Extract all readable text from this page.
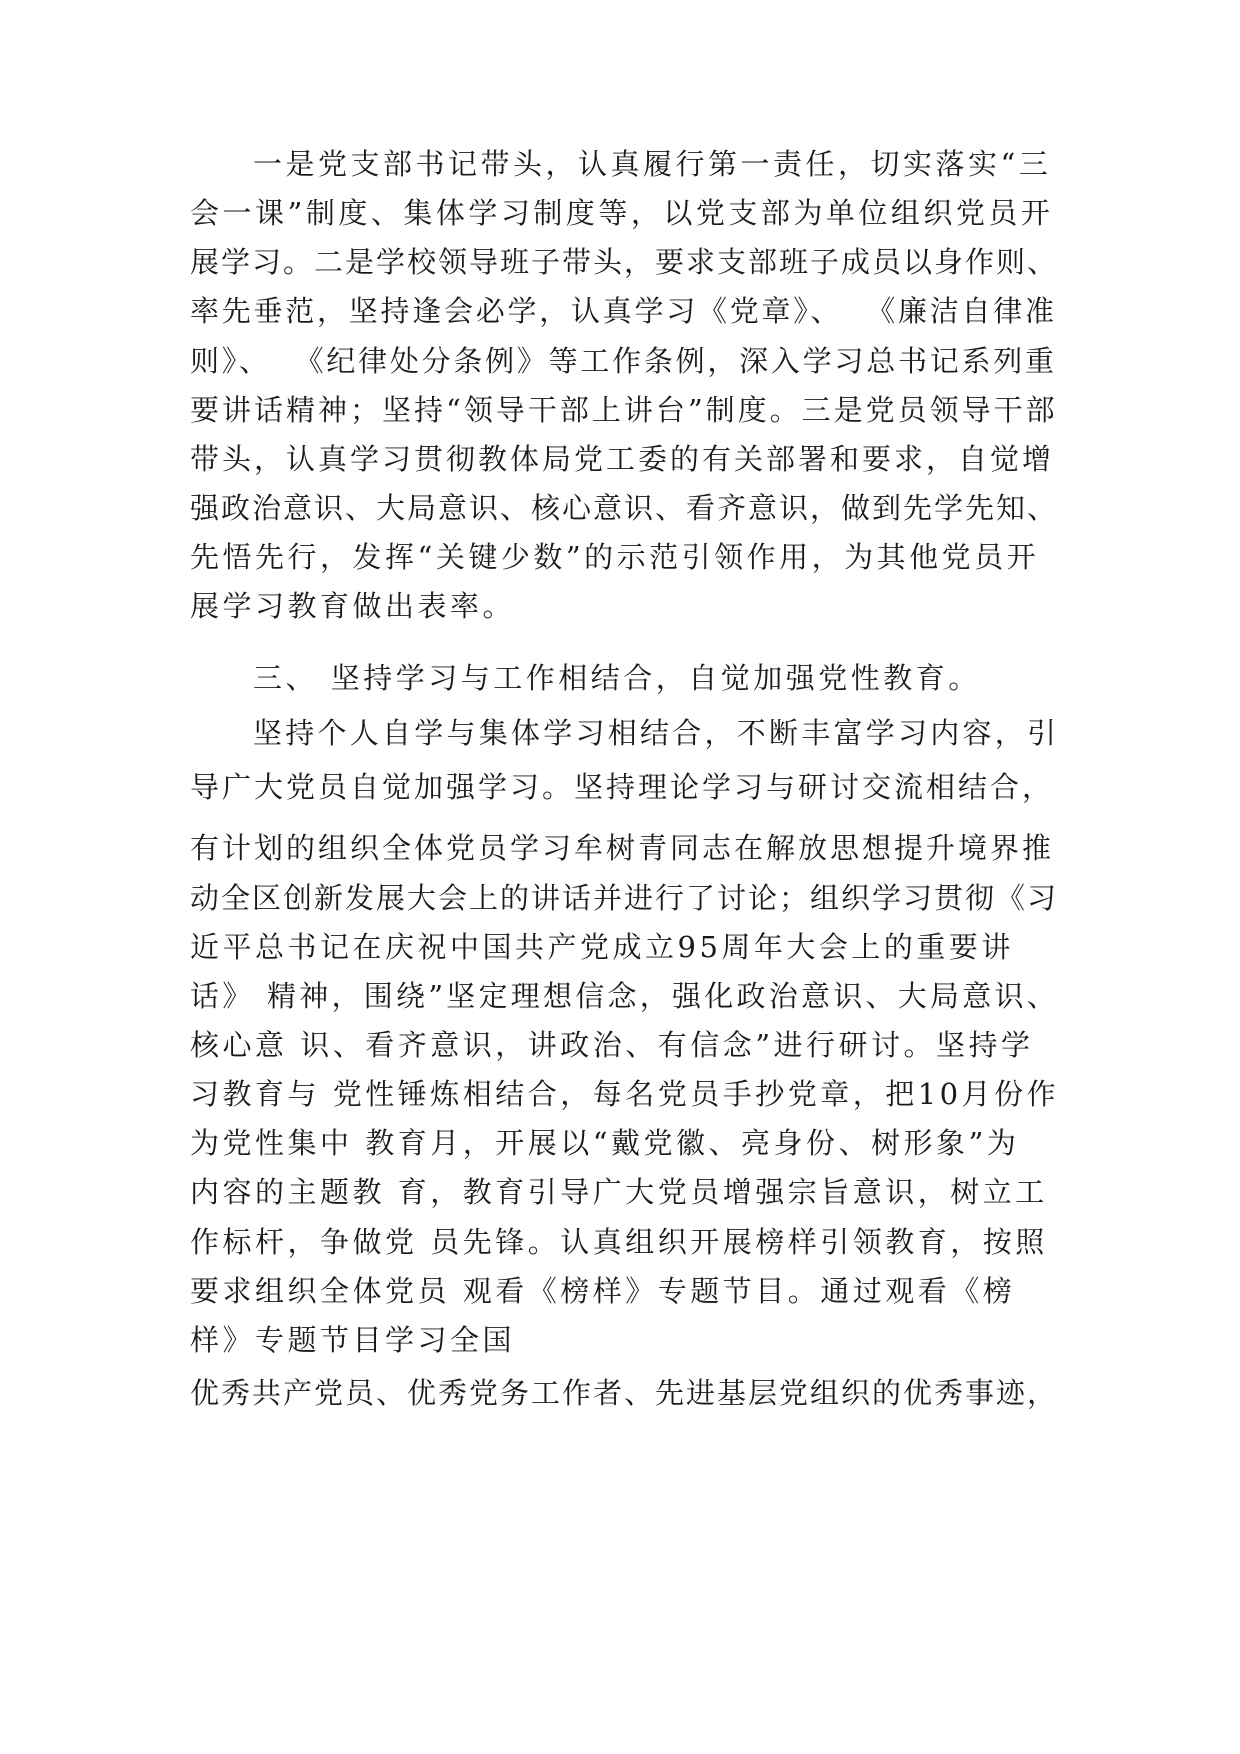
一是党支部书记带头，认真履行第一责任，切实落实“三
会一课”制度、集体学习制度等，以党支部为单位组织党员开
展学习。二是学校领导班子带头，要求支部班子成员以身作则、
率先垂范，坚持逢会必学，认真学习《党章》、  《廉洁自律准
则》、  《纪律处分条例》等工作条例，深入学习总书记系列重
要讲话精神；坚持“领导干部上讲台”制度。三是党员领导干部
带头，认真学习贯彻教体局党工委的有关部署和要求，自觉增
强政治意识、大局意识、核心意识、看齐意识，做到先学先知、
先悟先行，发挥“关键少数”的示范引领作用，为其他党员开
展学习教育做出表率。
三、 坚持学习与工作相结合，自觉加强党性教育。
坚持个人自学与集体学习相结合，不断丰富学习内容，引
导广大党员自觉加强学习。坚持理论学习与研讨交流相结合，
有计划的组织全体党员学习牟树青同志在解放思想提升境界推
动全区创新发展大会上的讲话并进行了讨论；组织学习贯彻《习
近平总书记在庆祝中国共产党成立95周年大会上的重要讲
话》 精神，围绕”坚定理想信念，强化政治意识、大局意识、
核心意 识、看齐意识，讲政治、有信念”进行研讨。坚持学
习教育与 党性锤炼相结合，每名党员手抄党章，把10月份作
为党性集中 教育月，开展以“戴党徽、亮身份、树形象”为
内容的主题教 育，教育引导广大党员增强宗旨意识，树立工
作标杆，争做党 员先锋。认真组织开展榜样引领教育，按照
要求组织全体党员 观看《榜样》专题节目。通过观看《榜
样》专题节目学习全国
优秀共产党员、优秀党务工作者、先进基层党组织的优秀事迹，
